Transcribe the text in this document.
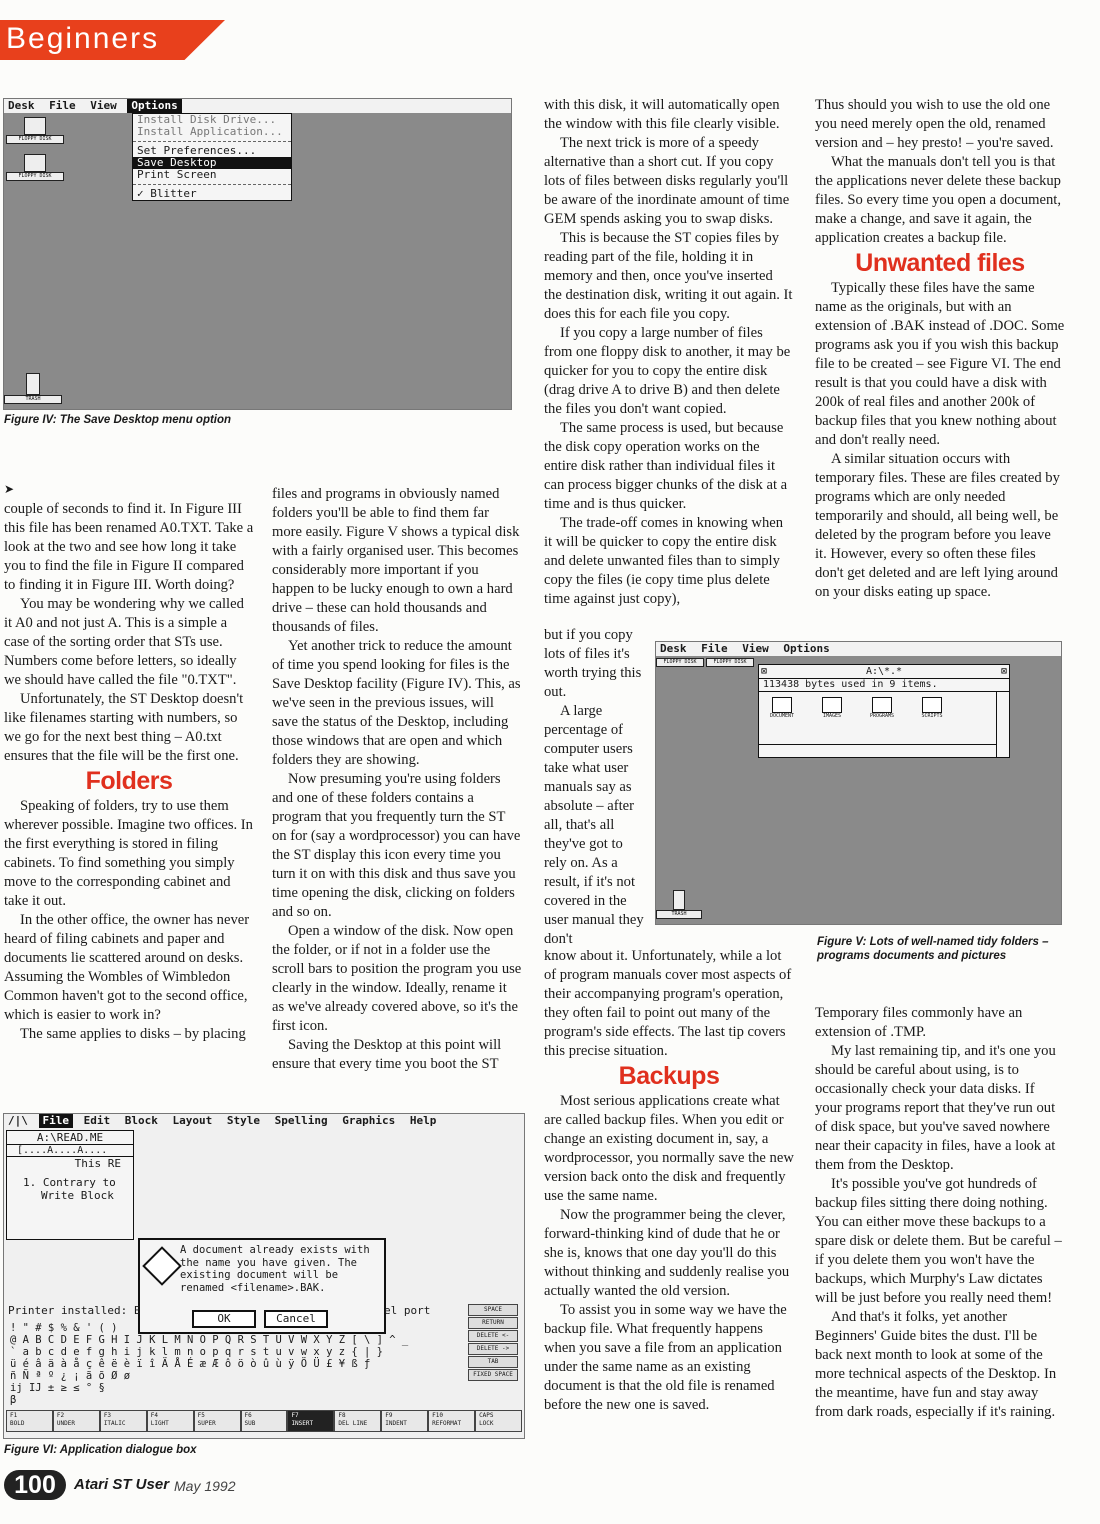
Beginners
Desk File View Options
FLOPPY DISK
FLOPPY DISK
TRASH
Install Disk Drive...
Install Application...
Set Preferences...
Save Desktop
Print Screen
✓ Blitter
Figure IV: The Save Desktop menu option
➤

couple of seconds to find it. In Figure III this file has been renamed A0.TXT. Take a look at the two and see how long it take you to find the file in Figure II compared to finding it in Figure III. Worth doing?

You may be wondering why we called it A0 and not just A. This is a simple a case of the sorting order that STs use. Numbers come before letters, so ideally we should have called the file "0.TXT".

Unfortunately, the ST Desktop doesn't like filenames starting with numbers, so we go for the next best thing – A0.txt ensures that the file will be the first one.

Folders

Speaking of folders, try to use them wherever possible. Imagine two offices. In the first everything is stored in filing cabinets. To find something you simply move to the corresponding cabinet and take it out.

In the other office, the owner has never heard of filing cabinets and paper and documents lie scattered around on desks. Assuming the Wombles of Wimbledon Common haven't got to the second office, which is easier to work in?

The same applies to disks – by placing

files and programs in obviously named folders you'll be able to find them far more easily. Figure V shows a typical disk with a fairly organised user. This becomes considerably more important if you happen to be lucky enough to own a hard drive – these can hold thousands and thousands of files.

Yet another trick to reduce the amount of time you spend looking for files is the Save Desktop facility (Figure IV). This, as we've seen in the previous issues, will save the status of the Desktop, including those windows that are open and which folders they are showing.

Now presuming you're using folders and one of these folders contains a program that you frequently turn the ST on for (say a wordprocessor) you can have the ST display this icon every time you turn it on with this disk and thus save you time opening the disk, clicking on folders and so on.

Open a window of the disk. Now open the folder, or if not in a folder use the scroll bars to position the program you use clearly in the window. Ideally, rename it as we've already covered above, so it's the first icon.

Saving the Desktop at this point will ensure that every time you boot the ST

with this disk, it will automatically open the window with this file clearly visible.

The next trick is more of a speedy alternative than a short cut. If you copy lots of files between disks regularly you'll be aware of the inordinate amount of time GEM spends asking you to swap disks.

This is because the ST copies files by reading part of the file, holding it in memory and then, once you've inserted the destination disk, writing it out again. It does this for each file you copy.

If you copy a large number of files from one floppy disk to another, it may be quicker for you to copy the entire disk (drag drive A to drive B) and then delete the files you don't want copied.

The same process is used, but because the disk copy operation works on the entire disk rather than individual files it can process bigger chunks of the disk at a time and is thus quicker.

The trade-off comes in knowing when it will be quicker to copy the entire disk and delete unwanted files than to simply copy the files (ie copy time plus delete time against just copy),

but if you copy lots of files it's worth trying this out.

A large percentage of computer users take what user manuals say as absolute – after all, that's all they've got to rely on. As a result, if it's not covered in the user manual they don't

know about it. Unfortunately, while a lot of program manuals cover most aspects of their accompanying program's operation, they often fail to point out many of the program's side effects. The last tip covers this precise situation.

Backups

Most serious applications create what are called backup files. When you edit or change an existing document in, say, a wordprocessor, you normally save the new version back onto the disk and frequently use the same name.

Now the programmer being the clever, forward-thinking kind of dude that he or she is, knows that one day you'll do this without thinking and suddenly realise you actually wanted the old version.

To assist you in some way we have the backup file. What frequently happens when you save a file from an application under the same name as an existing document is that the old file is renamed before the new one is saved.

Thus should you wish to use the old one you need merely open the old, renamed version and – hey presto! – you're saved.

What the manuals don't tell you is that the applications never delete these backup files. So every time you open a document, make a change, and save it again, the application creates a backup file.

Unwanted files

Typically these files have the same name as the originals, but with an extension of .BAK instead of .DOC. Some programs ask you if you wish this backup file to be created – see Figure VI. The end result is that you could have a disk with 200k of real files and another 200k of backup files that you knew nothing about and don't really need.

A similar situation occurs with temporary files. These are files created by programs which are only needed temporarily and should, all being well, be deleted by the program before you leave it. However, every so often these files don't get deleted and are left lying around on your disks eating up space.

Temporary files commonly have an extension of .TMP.

My last remaining tip, and it's one you should be careful about using, is to occasionally check your data disks. If your programs report that they've run out of disk space, but you've saved nowhere near their capacity in files, have a look at them from the Desktop.

It's possible you've got hundreds of backup files sitting there doing nothing. You can either move these backups to a spare disk or delete them. But be careful – if you delete them you won't have the backups, which Murphy's Law dictates will be just before you really need them!

And that's it folks, yet another Beginners' Guide bites the dust. I'll be back next month to look at some of the more technical aspects of the Desktop. In the meantime, have fun and stay away from dark roads, especially if it's raining.

Desk File View Options
FLOPPY DISK	FLOPPY DISK
TRASH
⊠	A:\*.*	⊠
113438 bytes used in 9 items.
DOCUMENT	IMAGES	PROGRAMS	SCRIPTS
Figure V: Lots of well-named tidy folders – programs documents and pictures
/|\ File Edit Block Layout Style Spelling Graphics Help
A:\READ.ME
[....A....A....
This RE
1. Contrary to
Write Block
A document already exists with the name you have given. The existing document will be renamed <filename>.BAK.
OK	Cancel
Printer installed: E	el port
! " # $ % & ' ( )
@ A B C D E F G H I J K L M N O P Q R S T U V W X Y Z [ \ ] ^ _
` a b c d e f g h i j k l m n o p q r s t u v w x y z { | }
ü é â ä à å ç ê ë è ï î Ä Å É æ Æ ô ö ò û ù ÿ Ö Ü £ ¥ ß ƒ
ñ Ñ ª º ¿ ¡ ã õ Ø ø
ij IJ ± ≥ ≤ ° §
β
SPACE
RETURN
DELETE <-
DELETE ->
TAB
FIXED SPACE
F1
BOLD
F2
UNDER
F3
ITALIC
F4
LIGHT
F5
SUPER
F6
SUB
F7
INSERT
F8
DEL LINE
F9
INDENT
F10
REFORMAT
CAPS
LOCK
Figure VI: Application dialogue box
100	Atari ST User May 1992
